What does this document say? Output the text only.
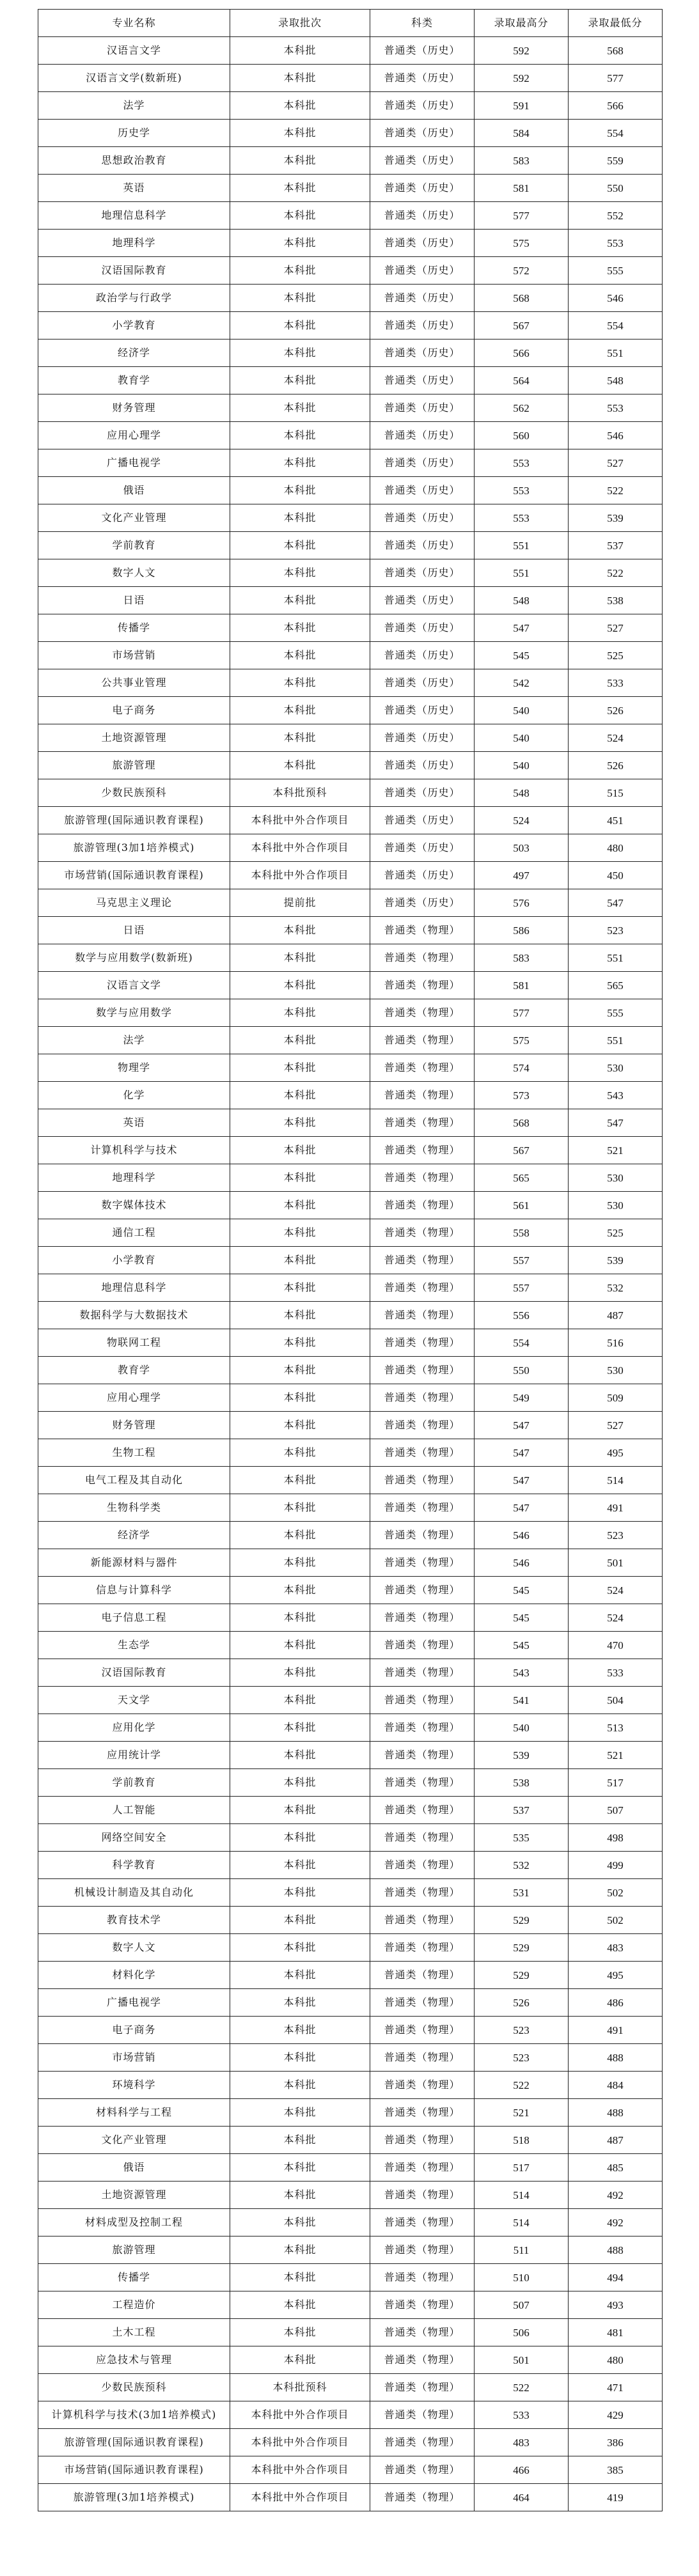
专业名称	录取批次	科类	录取最高分	录取最低分
汉语言文学	本科批	普通类（历史）	592	568
汉语言文学(数新班)	本科批	普通类（历史）	592	577
法学	本科批	普通类（历史）	591	566
历史学	本科批	普通类（历史）	584	554
思想政治教育	本科批	普通类（历史）	583	559
英语	本科批	普通类（历史）	581	550
地理信息科学	本科批	普通类（历史）	577	552
地理科学	本科批	普通类（历史）	575	553
汉语国际教育	本科批	普通类（历史）	572	555
政治学与行政学	本科批	普通类（历史）	568	546
小学教育	本科批	普通类（历史）	567	554
经济学	本科批	普通类（历史）	566	551
教育学	本科批	普通类（历史）	564	548
财务管理	本科批	普通类（历史）	562	553
应用心理学	本科批	普通类（历史）	560	546
广播电视学	本科批	普通类（历史）	553	527
俄语	本科批	普通类（历史）	553	522
文化产业管理	本科批	普通类（历史）	553	539
学前教育	本科批	普通类（历史）	551	537
数字人文	本科批	普通类（历史）	551	522
日语	本科批	普通类（历史）	548	538
传播学	本科批	普通类（历史）	547	527
市场营销	本科批	普通类（历史）	545	525
公共事业管理	本科批	普通类（历史）	542	533
电子商务	本科批	普通类（历史）	540	526
土地资源管理	本科批	普通类（历史）	540	524
旅游管理	本科批	普通类（历史）	540	526
少数民族预科	本科批预科	普通类（历史）	548	515
旅游管理(国际通识教育课程)	本科批中外合作项目	普通类（历史）	524	451
旅游管理(3加1培养模式)	本科批中外合作项目	普通类（历史）	503	480
市场营销(国际通识教育课程)	本科批中外合作项目	普通类（历史）	497	450
马克思主义理论	提前批	普通类（历史）	576	547
日语	本科批	普通类（物理）	586	523
数学与应用数学(数新班)	本科批	普通类（物理）	583	551
汉语言文学	本科批	普通类（物理）	581	565
数学与应用数学	本科批	普通类（物理）	577	555
法学	本科批	普通类（物理）	575	551
物理学	本科批	普通类（物理）	574	530
化学	本科批	普通类（物理）	573	543
英语	本科批	普通类（物理）	568	547
计算机科学与技术	本科批	普通类（物理）	567	521
地理科学	本科批	普通类（物理）	565	530
数字媒体技术	本科批	普通类（物理）	561	530
通信工程	本科批	普通类（物理）	558	525
小学教育	本科批	普通类（物理）	557	539
地理信息科学	本科批	普通类（物理）	557	532
数据科学与大数据技术	本科批	普通类（物理）	556	487
物联网工程	本科批	普通类（物理）	554	516
教育学	本科批	普通类（物理）	550	530
应用心理学	本科批	普通类（物理）	549	509
财务管理	本科批	普通类（物理）	547	527
生物工程	本科批	普通类（物理）	547	495
电气工程及其自动化	本科批	普通类（物理）	547	514
生物科学类	本科批	普通类（物理）	547	491
经济学	本科批	普通类（物理）	546	523
新能源材料与器件	本科批	普通类（物理）	546	501
信息与计算科学	本科批	普通类（物理）	545	524
电子信息工程	本科批	普通类（物理）	545	524
生态学	本科批	普通类（物理）	545	470
汉语国际教育	本科批	普通类（物理）	543	533
天文学	本科批	普通类（物理）	541	504
应用化学	本科批	普通类（物理）	540	513
应用统计学	本科批	普通类（物理）	539	521
学前教育	本科批	普通类（物理）	538	517
人工智能	本科批	普通类（物理）	537	507
网络空间安全	本科批	普通类（物理）	535	498
科学教育	本科批	普通类（物理）	532	499
机械设计制造及其自动化	本科批	普通类（物理）	531	502
教育技术学	本科批	普通类（物理）	529	502
数字人文	本科批	普通类（物理）	529	483
材料化学	本科批	普通类（物理）	529	495
广播电视学	本科批	普通类（物理）	526	486
电子商务	本科批	普通类（物理）	523	491
市场营销	本科批	普通类（物理）	523	488
环境科学	本科批	普通类（物理）	522	484
材料科学与工程	本科批	普通类（物理）	521	488
文化产业管理	本科批	普通类（物理）	518	487
俄语	本科批	普通类（物理）	517	485
土地资源管理	本科批	普通类（物理）	514	492
材料成型及控制工程	本科批	普通类（物理）	514	492
旅游管理	本科批	普通类（物理）	511	488
传播学	本科批	普通类（物理）	510	494
工程造价	本科批	普通类（物理）	507	493
土木工程	本科批	普通类（物理）	506	481
应急技术与管理	本科批	普通类（物理）	501	480
少数民族预科	本科批预科	普通类（物理）	522	471
计算机科学与技术(3加1培养模式)	本科批中外合作项目	普通类（物理）	533	429
旅游管理(国际通识教育课程)	本科批中外合作项目	普通类（物理）	483	386
市场营销(国际通识教育课程)	本科批中外合作项目	普通类（物理）	466	385
旅游管理(3加1培养模式)	本科批中外合作项目	普通类（物理）	464	419
